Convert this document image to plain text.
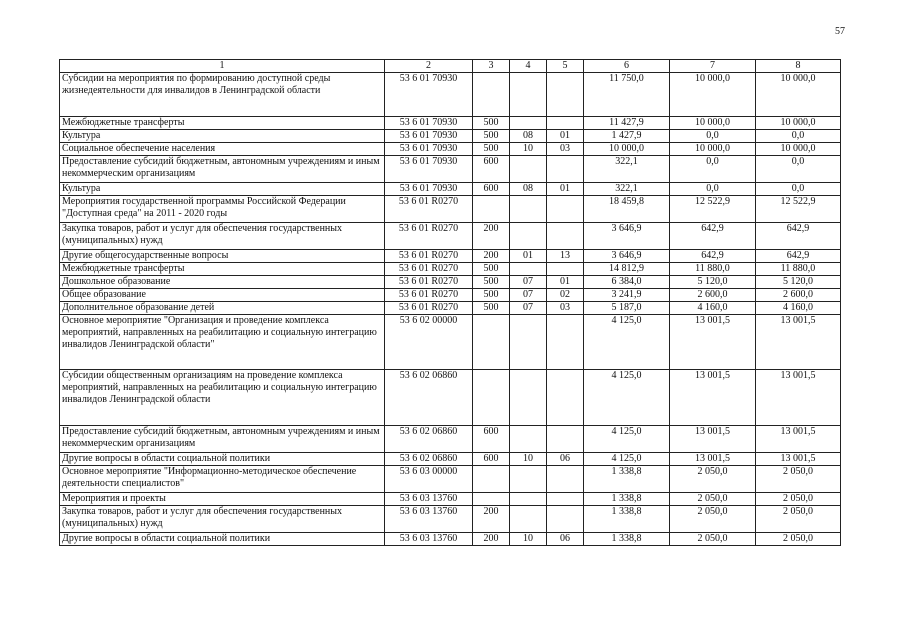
57
1	2	3	4	5	6	7	8
Субсидии на мероприятия по формированию доступной среды жизнедеятельности для инвалидов в Ленинградской области	53 6 01 70930				11 750,0	10 000,0	10 000,0
Межбюджетные трансферты	53 6 01 70930	500			11 427,9	10 000,0	10 000,0
Культура	53 6 01 70930	500	08	01	1 427,9	0,0	0,0
Социальное обеспечение населения	53 6 01 70930	500	10	03	10 000,0	10 000,0	10 000,0
Предоставление субсидий бюджетным, автономным учреждениям и иным некоммерческим организациям	53 6 01 70930	600			322,1	0,0	0,0
Культура	53 6 01 70930	600	08	01	322,1	0,0	0,0
Мероприятия государственной программы Российской Федерации "Доступная среда" на 2011 - 2020 годы	53 6 01 R0270				18 459,8	12 522,9	12 522,9
Закупка товаров, работ и услуг для обеспечения государственных (муниципальных) нужд	53 6 01 R0270	200			3 646,9	642,9	642,9
Другие общегосударственные вопросы	53 6 01 R0270	200	01	13	3 646,9	642,9	642,9
Межбюджетные трансферты	53 6 01 R0270	500			14 812,9	11 880,0	11 880,0
Дошкольное образование	53 6 01 R0270	500	07	01	6 384,0	5 120,0	5 120,0
Общее образование	53 6 01 R0270	500	07	02	3 241,9	2 600,0	2 600,0
Дополнительное образование детей	53 6 01 R0270	500	07	03	5 187,0	4 160,0	4 160,0
Основное мероприятие "Организация и проведение комплекса мероприятий, направленных на реабилитацию и социальную интеграцию инвалидов Ленинградской области"	53 6 02 00000				4 125,0	13 001,5	13 001,5
Субсидии общественным организациям на проведение комплекса мероприятий, направленных на реабилитацию и социальную интеграцию инвалидов Ленинградской области	53 6 02 06860				4 125,0	13 001,5	13 001,5
Предоставление субсидий бюджетным, автономным учреждениям и иным некоммерческим организациям	53 6 02 06860	600			4 125,0	13 001,5	13 001,5
Другие вопросы в области социальной политики	53 6 02 06860	600	10	06	4 125,0	13 001,5	13 001,5
Основное мероприятие "Информационно-методическое обеспечение деятельности специалистов"	53 6 03 00000				1 338,8	2 050,0	2 050,0
Мероприятия и проекты	53 6 03 13760				1 338,8	2 050,0	2 050,0
Закупка товаров, работ и услуг для обеспечения государственных (муниципальных) нужд	53 6 03 13760	200			1 338,8	2 050,0	2 050,0
Другие вопросы в области социальной политики	53 6 03 13760	200	10	06	1 338,8	2 050,0	2 050,0
